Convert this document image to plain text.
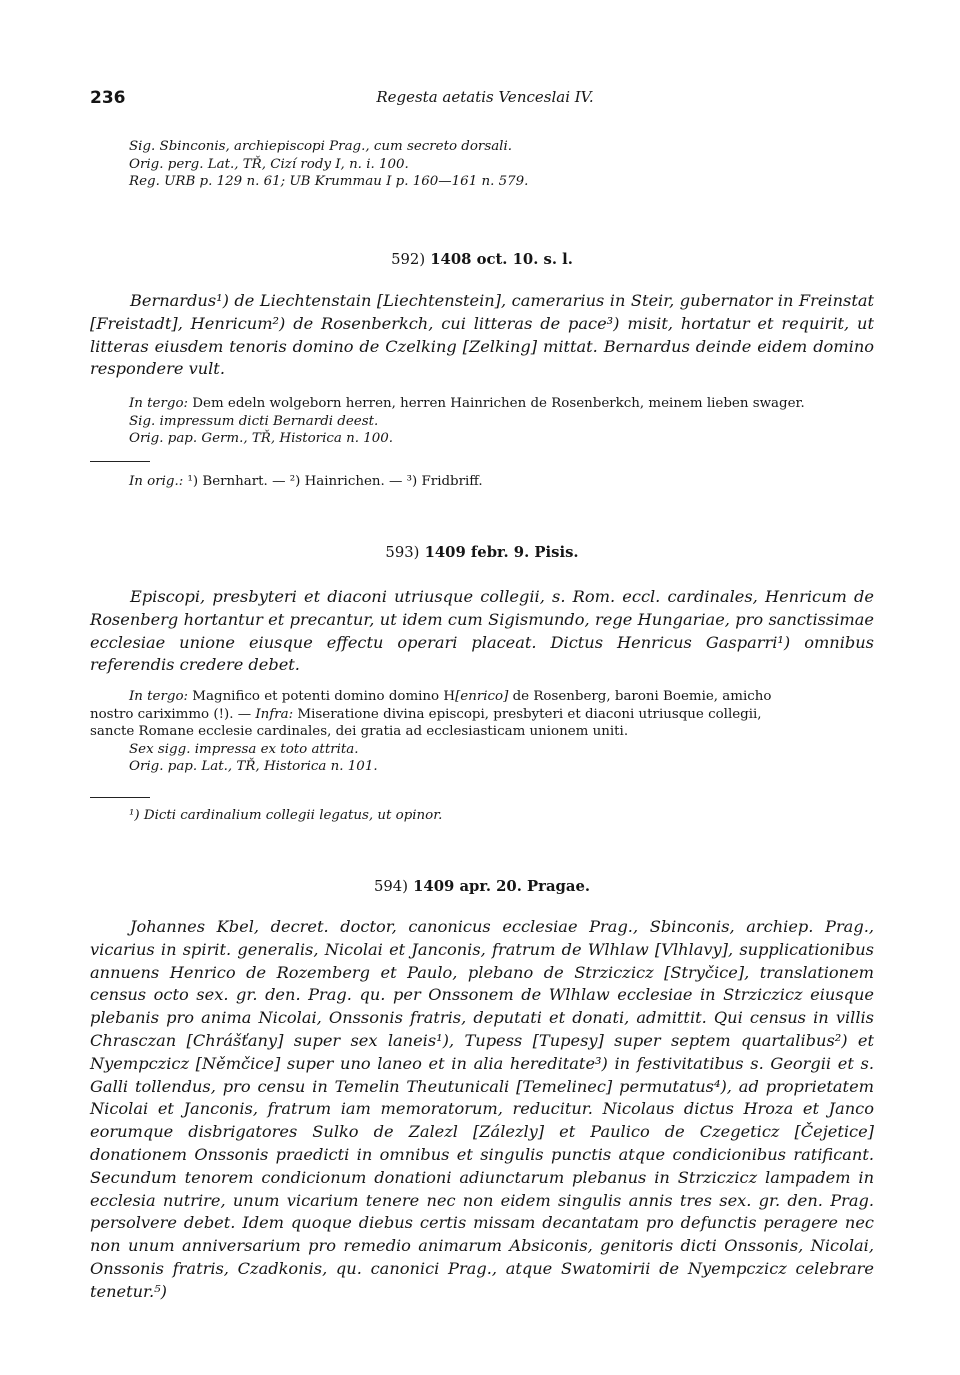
236	Regesta aetatis Venceslai IV.
Sig. Sbinconis, archiepiscopi Prag., cum secreto dorsali.
Orig. perg. Lat., TŘ, Cizí rody I, n. i. 100.
Reg. URB p. 129 n. 61; UB Krummau I p. 160—161 n. 579.
592) 1408 oct. 10. s. l.

Bernardus¹) de Liechtenstain [Liechtenstein], camerarius in Steir, gubernator in Freinstat [Freistadt], Henricum²) de Rosenberkch, cui litteras de pace³) misit, hortatur et requirit, ut litteras eiusdem tenoris domino de Czelking [Zelking] mittat. Bernardus deinde eidem domino respondere vult.

In tergo: Dem edeln wolgeborn herren, herren Hainrichen de Rosenberkch, meinem lieben swager.
Sig. impressum dicti Bernardi deest.
Orig. pap. Germ., TŘ, Historica n. 100.
In orig.: ¹) Bernhart. — ²) Hainrichen. — ³) Fridbriff.
593) 1409 febr. 9. Pisis.

Episcopi, presbyteri et diaconi utriusque collegii, s. Rom. eccl. cardinales, Henricum de Rosenberg hortantur et precantur, ut idem cum Sigismundo, rege Hungariae, pro sanctissimae ecclesiae unione eiusque effectu operari placeat. Dictus Henricus Gasparri¹) omnibus referendis credere debet.

In tergo: Magnifico et potenti domino domino H[enrico] de Rosenberg, baroni Boemie, amicho
nostro cariximmo (!). — Infra: Miseratione divina episcopi, presbyteri et diaconi utriusque collegii,
sancte Romane ecclesie cardinales, dei gratia ad ecclesiasticam unionem uniti.
Sex sigg. impressa ex toto attrita.
Orig. pap. Lat., TŘ, Historica n. 101.
¹) Dicti cardinalium collegii legatus, ut opinor.
594) 1409 apr. 20. Pragae.

Johannes Kbel, decret. doctor, canonicus ecclesiae Prag., Sbinconis, archiep. Prag., vicarius in spirit. generalis, Nicolai et Janconis, fratrum de Wlhlaw [Vlhlavy], supplicationibus annuens Henrico de Rozemberg et Paulo, plebano de Strziczicz [Stryčice], translationem census octo sex. gr. den. Prag. qu. per Onssonem de Wlhlaw ecclesiae in Strziczicz eiusque plebanis pro anima Nicolai, Onssonis fratris, deputati et donati, admittit. Qui census in villis Chrasczan [Chrášťany] super sex laneis¹), Tupess [Tupesy] super septem quartalibus²) et Nyempczicz [Němčice] super uno laneo et in alia hereditate³) in festivitatibus s. Georgii et s. Galli tollendus, pro censu in Temelin Theutunicali [Temelinec] permutatus⁴), ad proprietatem Nicolai et Janconis, fratrum iam memoratorum, reducitur. Nicolaus dictus Hroza et Janco eorumque disbrigatores Sulko de Zalezl [Zálezly] et Paulico de Czegeticz [Čejetice] donationem Onssonis praedicti in omnibus et singulis punctis atque condicionibus ratificant. Secundum tenorem condicionum donationi adiunctarum plebanus in Strziczicz lampadem in ecclesia nutrire, unum vicarium tenere nec non eidem singulis annis tres sex. gr. den. Prag. persolvere debet. Idem quoque diebus certis missam decantatam pro defunctis peragere nec non unum anniversarium pro remedio animarum Absiconis, genitoris dicti Onssonis, Nicolai, Onssonis fratris, Czadkonis, qu. canonici Prag., atque Swatomirii de Nyempczicz celebrare tenetur.⁵)
